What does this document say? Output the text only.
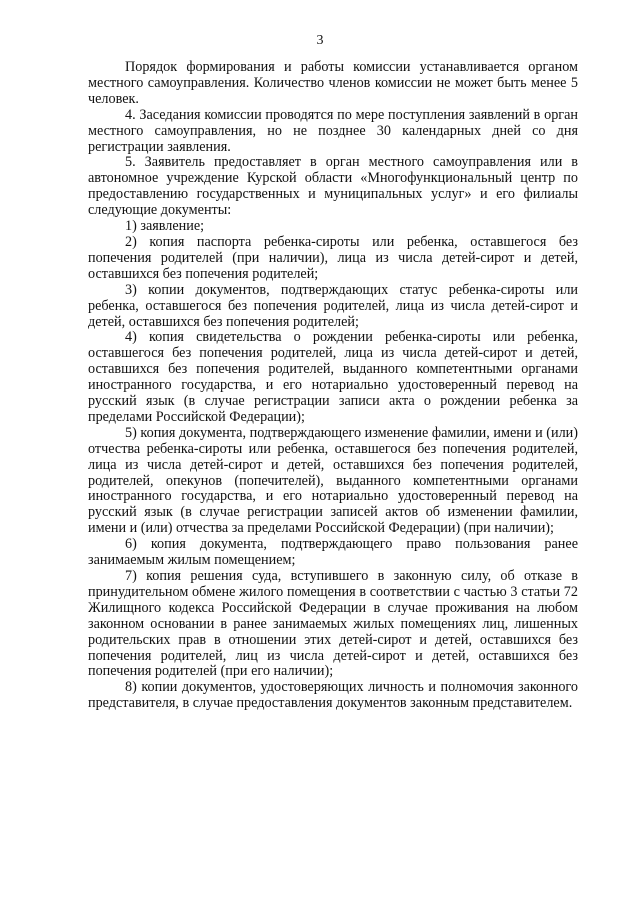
3

Порядок формирования и работы комиссии устанавливается органом местного самоуправления. Количество членов комиссии не может быть менее 5 человек.

4. Заседания комиссии проводятся по мере поступления заявлений в орган местного самоуправления, но не позднее 30 календарных дней со дня регистрации заявления.

5. Заявитель предоставляет в орган местного самоуправления или в автономное учреждение Курской области «Многофункциональный центр по предоставлению государственных и муниципальных услуг» и его филиалы следующие документы:

1) заявление;

2) копия паспорта ребенка-сироты или ребенка, оставшегося без попечения родителей (при наличии), лица из числа детей-сирот и детей, оставшихся без попечения родителей;

3) копии документов, подтверждающих статус ребенка-сироты или ребенка, оставшегося без попечения родителей, лица из числа детей-сирот и детей, оставшихся без попечения родителей;

4) копия свидетельства о рождении ребенка-сироты или ребенка, оставшегося без попечения родителей, лица из числа детей-сирот и детей, оставшихся без попечения родителей, выданного компетентными органами иностранного государства, и его нотариально удостоверенный перевод на русский язык (в случае регистрации записи акта о рождении ребенка за пределами Российской Федерации);

5) копия документа, подтверждающего изменение фамилии, имени и (или) отчества ребенка-сироты или ребенка, оставшегося без попечения родителей, лица из числа детей-сирот и детей, оставшихся без попечения родителей, родителей, опекунов (попечителей), выданного компетентными органами иностранного государства, и его нотариально удостоверенный перевод на русский язык (в случае регистрации записей актов об изменении фамилии, имени и (или) отчества за пределами Российской Федерации) (при наличии);

6) копия документа, подтверждающего право пользования ранее занимаемым жилым помещением;

7) копия решения суда, вступившего в законную силу, об отказе в принудительном обмене жилого помещения в соответствии с частью 3 статьи 72 Жилищного кодекса Российской Федерации в случае проживания на любом законном основании в ранее занимаемых жилых помещениях лиц, лишенных родительских прав в отношении этих детей-сирот и детей, оставшихся без попечения родителей, лиц из числа детей-сирот и детей, оставшихся без попечения родителей (при его наличии);

8) копии документов, удостоверяющих личность и полномочия законного представителя, в случае предоставления документов законным представителем.
